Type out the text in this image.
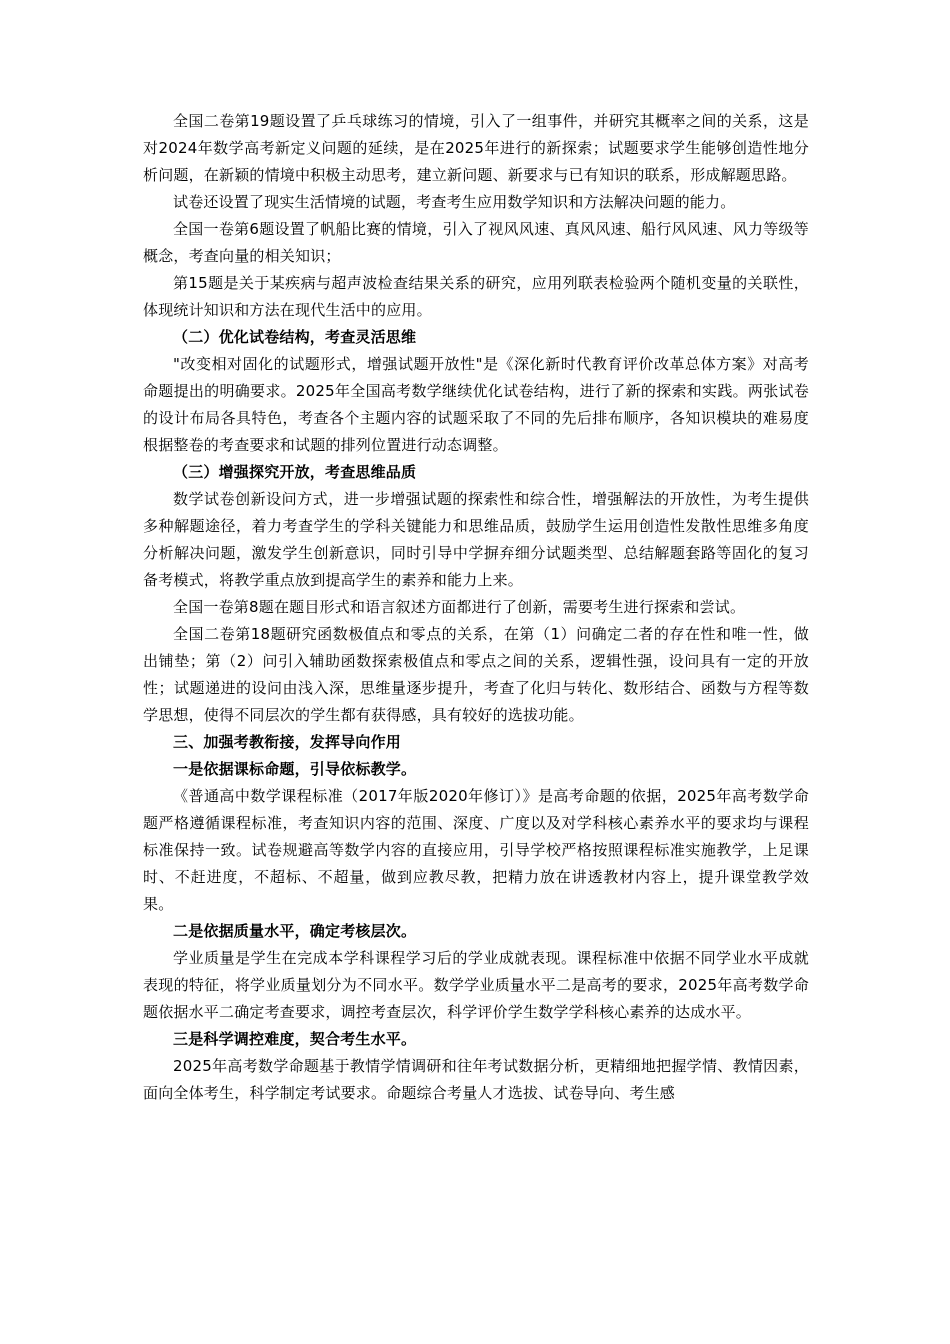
全国二卷第19题设置了乒乓球练习的情境，引入了一组事件，并研究其概率之间的关系，这是对2024年数学高考新定义问题的延续，是在2025年进行的新探索；试题要求学生能够创造性地分析问题，在新颖的情境中积极主动思考，建立新问题、新要求与已有知识的联系，形成解题思路。

试卷还设置了现实生活情境的试题，考查考生应用数学知识和方法解决问题的能力。

全国一卷第6题设置了帆船比赛的情境，引入了视风风速、真风风速、船行风风速、风力等级等概念，考查向量的相关知识；

第15题是关于某疾病与超声波检查结果关系的研究，应用列联表检验两个随机变量的关联性，体现统计知识和方法在现代生活中的应用。

（二）优化试卷结构，考查灵活思维

"改变相对固化的试题形式，增强试题开放性"是《深化新时代教育评价改革总体方案》对高考命题提出的明确要求。2025年全国高考数学继续优化试卷结构，进行了新的探索和实践。两张试卷的设计布局各具特色，考查各个主题内容的试题采取了不同的先后排布顺序，各知识模块的难易度根据整卷的考查要求和试题的排列位置进行动态调整。

（三）增强探究开放，考查思维品质

数学试卷创新设问方式，进一步增强试题的探索性和综合性，增强解法的开放性，为考生提供多种解题途径，着力考查学生的学科关键能力和思维品质，鼓励学生运用创造性发散性思维多角度分析解决问题，激发学生创新意识，同时引导中学摒弃细分试题类型、总结解题套路等固化的复习备考模式，将教学重点放到提高学生的素养和能力上来。

全国一卷第8题在题目形式和语言叙述方面都进行了创新，需要考生进行探索和尝试。

全国二卷第18题研究函数极值点和零点的关系，在第（1）问确定二者的存在性和唯一性，做出铺垫；第（2）问引入辅助函数探索极值点和零点之间的关系，逻辑性强，设问具有一定的开放性；试题递进的设问由浅入深，思维量逐步提升，考查了化归与转化、数形结合、函数与方程等数学思想，使得不同层次的学生都有获得感，具有较好的选拔功能。

三、加强考教衔接，发挥导向作用

一是依据课标命题，引导依标教学。

《普通高中数学课程标准（2017年版2020年修订）》是高考命题的依据，2025年高考数学命题严格遵循课程标准，考查知识内容的范围、深度、广度以及对学科核心素养水平的要求均与课程标准保持一致。试卷规避高等数学内容的直接应用，引导学校严格按照课程标准实施教学，上足课时、不赶进度，不超标、不超量，做到应教尽教，把精力放在讲透教材内容上，提升课堂教学效果。

二是依据质量水平，确定考核层次。

学业质量是学生在完成本学科课程学习后的学业成就表现。课程标准中依据不同学业水平成就表现的特征，将学业质量划分为不同水平。数学学业质量水平二是高考的要求，2025年高考数学命题依据水平二确定考查要求，调控考查层次，科学评价学生数学学科核心素养的达成水平。

三是科学调控难度，契合考生水平。

2025年高考数学命题基于教情学情调研和往年考试数据分析，更精细地把握学情、教情因素，面向全体考生，科学制定考试要求。命题综合考量人才选拔、试卷导向、考生感
